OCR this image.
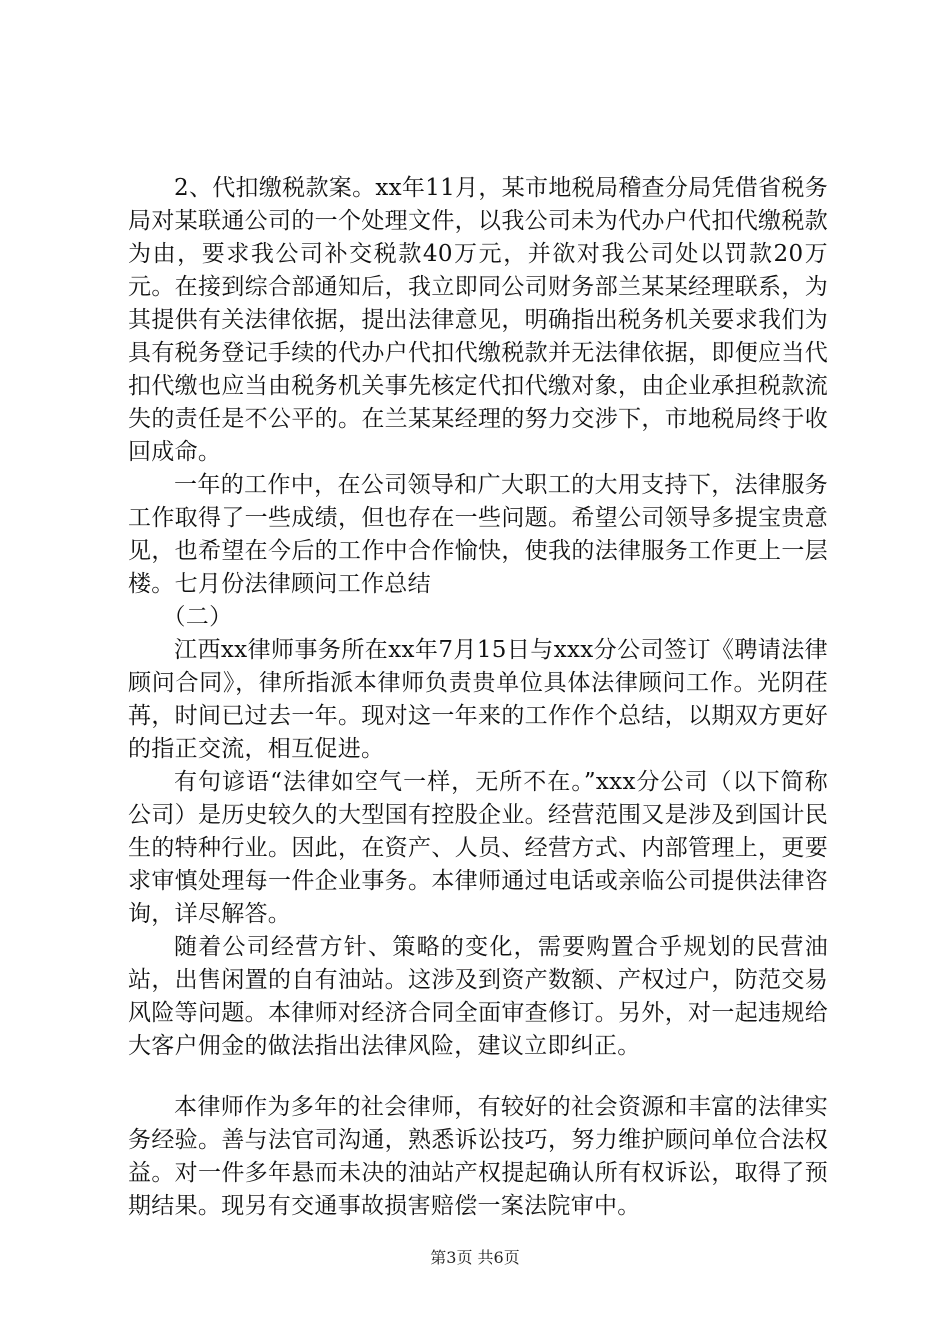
2、代扣缴税款案。xx年11月，某市地税局稽查分局凭借省税务局对某联通公司的一个处理文件，以我公司未为代办户代扣代缴税款为由，要求我公司补交税款40万元，并欲对我公司处以罚款20万元。在接到综合部通知后，我立即同公司财务部兰某某经理联系，为其提供有关法律依据，提出法律意见，明确指出税务机关要求我们为具有税务登记手续的代办户代扣代缴税款并无法律依据，即便应当代扣代缴也应当由税务机关事先核定代扣代缴对象，由企业承担税款流失的责任是不公平的。在兰某某经理的努力交涉下，市地税局终于收回成命。

一年的工作中，在公司领导和广大职工的大用支持下，法律服务工作取得了一些成绩，但也存在一些问题。希望公司领导多提宝贵意见，也希望在今后的工作中合作愉快，使我的法律服务工作更上一层楼。七月份法律顾问工作总结

（二）

江西xx律师事务所在xx年7月15日与xxx分公司签订《聘请法律顾问合同》，律所指派本律师负责贵单位具体法律顾问工作。光阴荏苒，时间已过去一年。现对这一年来的工作作个总结，以期双方更好的指正交流，相互促进。

有句谚语“法律如空气一样，无所不在。”xxx分公司（以下简称公司）是历史较久的大型国有控股企业。经营范围又是涉及到国计民生的特种行业。因此，在资产、人员、经营方式、内部管理上，更要求审慎处理每一件企业事务。本律师通过电话或亲临公司提供法律咨询，详尽解答。

随着公司经营方针、策略的变化，需要购置合乎规划的民营油站，出售闲置的自有油站。这涉及到资产数额、产权过户，防范交易风险等问题。本律师对经济合同全面审查修订。另外，对一起违规给大客户佣金的做法指出法律风险，建议立即纠正。

本律师作为多年的社会律师，有较好的社会资源和丰富的法律实务经验。善与法官司沟通，熟悉诉讼技巧，努力维护顾问单位合法权益。对一件多年悬而未决的油站产权提起确认所有权诉讼，取得了预期结果。现另有交通事故损害赔偿一案法院审中。

第3页 共6页
